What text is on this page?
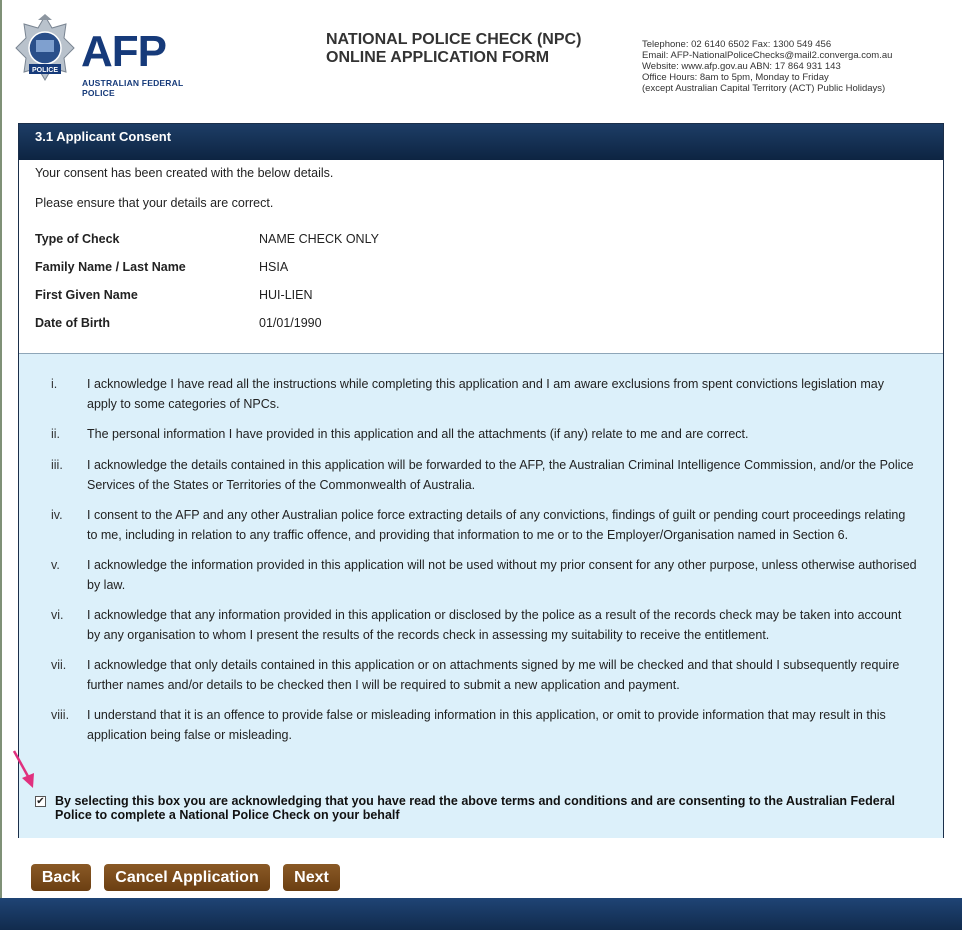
POLICE AFP
AUSTRALIAN FEDERAL POLICE
NATIONAL POLICE CHECK (NPC)
ONLINE APPLICATION FORM
Telephone: 02 6140 6502 Fax: 1300 549 456
Email: AFP-NationalPoliceChecks@mail2.converga.com.au
Website: www.afp.gov.au ABN: 17 864 931 143
Office Hours: 8am to 5pm, Monday to Friday
(except Australian Capital Territory (ACT) Public Holidays)
3.1 Applicant Consent
Your consent has been created with the below details.
Please ensure that your details are correct.
Type of Check	NAME CHECK ONLY
Family Name / Last Name	HSIA
First Given Name	HUI-LIEN
Date of Birth	01/01/1990
i.	I acknowledge I have read all the instructions while completing this application and I am aware exclusions from spent convictions legislation may apply to some categories of NPCs.
ii.	The personal information I have provided in this application and all the attachments (if any) relate to me and are correct.
iii.	I acknowledge the details contained in this application will be forwarded to the AFP, the Australian Criminal Intelligence Commission, and/or the Police Services of the States or Territories of the Commonwealth of Australia.
iv.	I consent to the AFP and any other Australian police force extracting details of any convictions, findings of guilt or pending court proceedings relating to me, including in relation to any traffic offence, and providing that information to me or to the Employer/Organisation named in Section 6.
v.	I acknowledge the information provided in this application will not be used without my prior consent for any other purpose, unless otherwise authorised by law.
vi.	I acknowledge that any information provided in this application or disclosed by the police as a result of the records check may be taken into account by any organisation to whom I present the results of the records check in assessing my suitability to receive the entitlement.
vii.	I acknowledge that only details contained in this application or on attachments signed by me will be checked and that should I subsequently require further names and/or details to be checked then I will be required to submit a new application and payment.
viii.	I understand that it is an offence to provide false or misleading information in this application, or omit to provide information that may result in this application being false or misleading.
✔ By selecting this box you are acknowledging that you have read the above terms and conditions and are consenting to the Australian Federal Police to complete a National Police Check on your behalf
Back	Cancel Application	Next
